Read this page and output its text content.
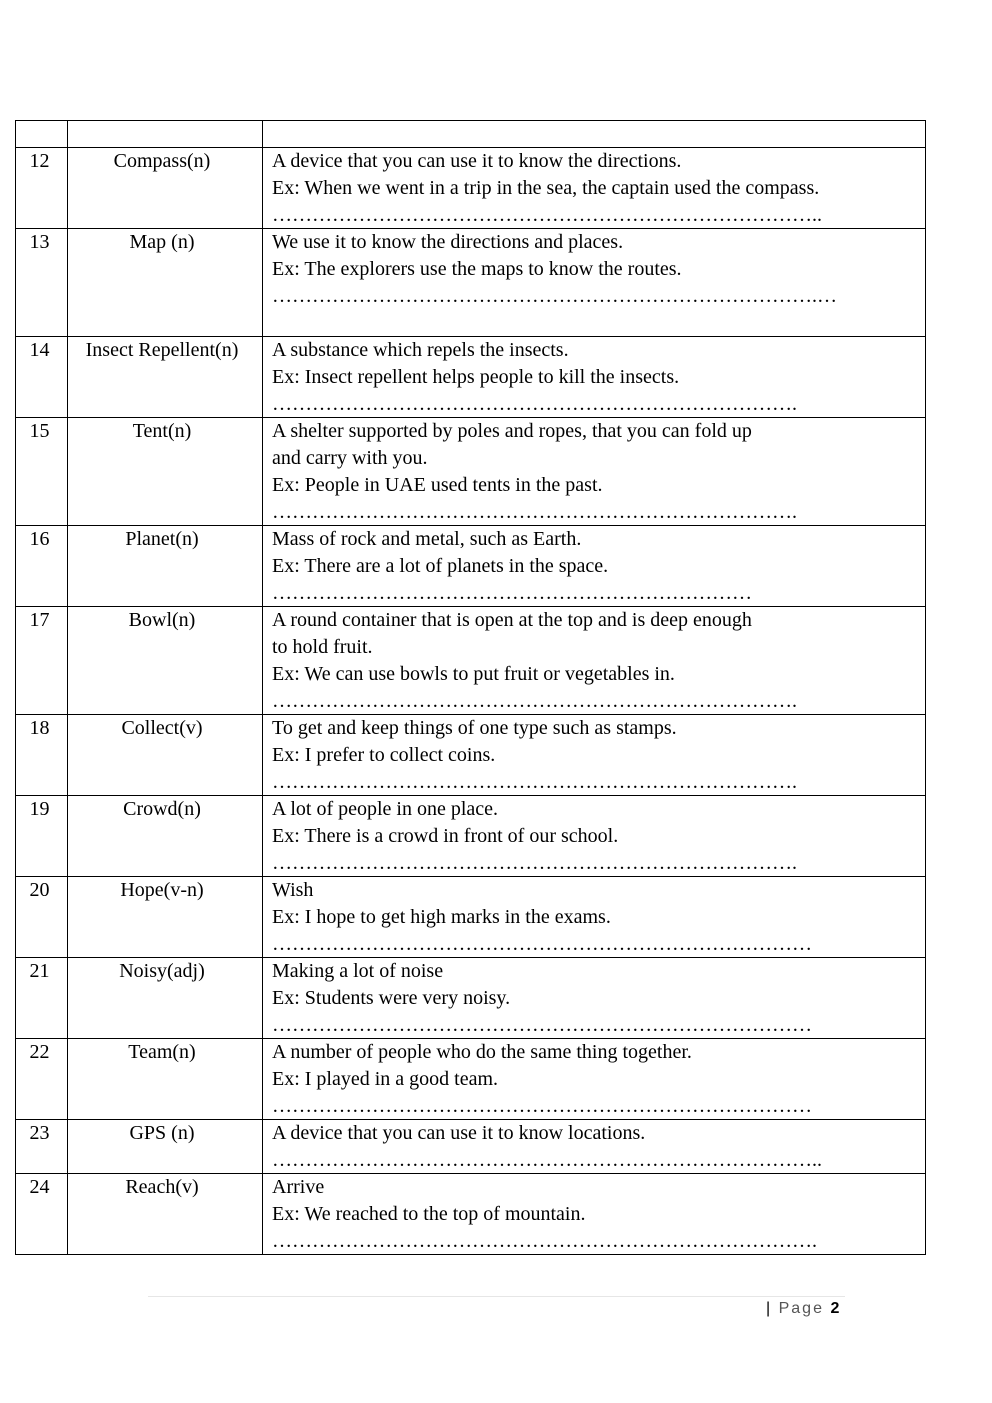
12	Compass(n)	A device that you can use it to know the directions.
Ex: When we went in a trip in the sea, the captain used the compass.
………………………………………………………………………..

13	Map (n)	We use it to know the directions and places.
Ex: The explorers use the maps to know the routes.
……………………………………………………………………….…

14	Insect Repellent(n)	A substance which repels the insects.
Ex: Insect repellent helps people to kill the insects.
…………………………………………………………………….

15	Tent(n)	A shelter supported by poles and ropes, that you can fold up
and carry with you.
Ex: People in UAE used tents in the past.
…………………………………………………………………….

16	Planet(n)	Mass of rock and metal, such as Earth.
Ex: There are a lot of planets in the space.
………………………………………………………………

17	Bowl(n)	A round container that is open at the top and is deep enough
to hold fruit.
Ex: We can use bowls to put fruit or vegetables in.
…………………………………………………………………….

18	Collect(v)	To get and keep things of one type such as stamps.
Ex: I prefer to collect coins.
…………………………………………………………………….

19	Crowd(n)	A lot of people in one place.
Ex: There is a crowd in front of our school.
…………………………………………………………………….

20	Hope(v-n)	Wish
Ex: I hope to get high marks in the exams.
………………………………………………………………………

21	Noisy(adj)	Making a lot of noise
Ex: Students were very noisy.
………………………………………………………………………

22	Team(n)	A number of people who do the same thing together.
Ex: I played in a good team.
………………………………………………………………………

23	GPS (n)	A device that you can use it to know locations.
………………………………………………………………………..

24	Reach(v)	Arrive
Ex: We reached to the top of mountain.
……………………………………………………………………….
| Page 2
